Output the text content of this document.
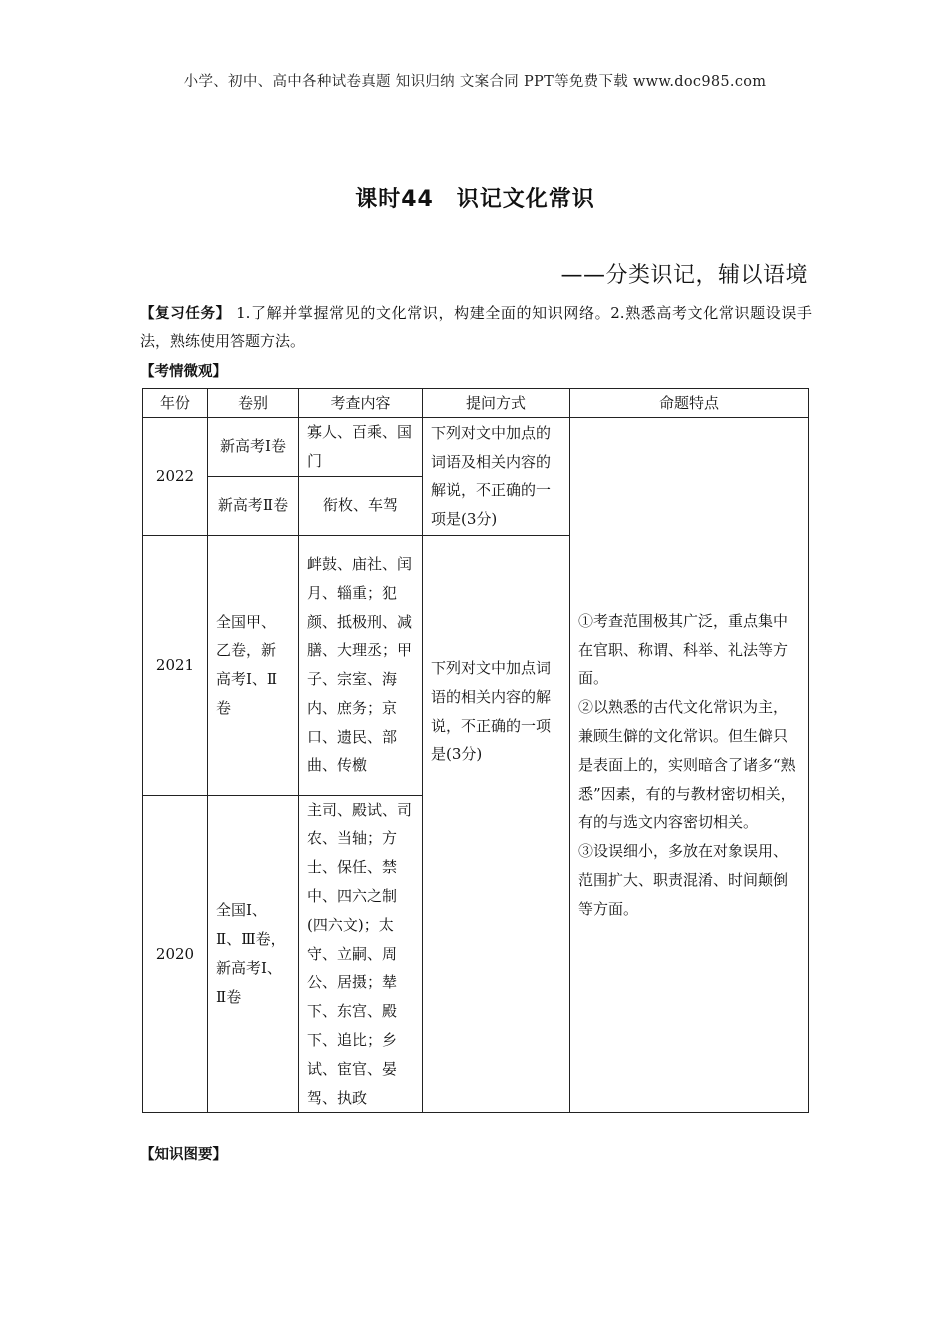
小学、初中、高中各种试卷真题 知识归纳 文案合同 PPT等免费下载 www.doc985.com
课时44　识记文化常识
——分类识记，辅以语境
【复习任务】 1.了解并掌握常见的文化常识，构建全面的知识网络。2.熟悉高考文化常识题设误手法，熟练使用答题方法。
【考情微观】
年份	卷别	考查内容	提问方式	命题特点
2022	新高考Ⅰ卷	寡人、百乘、国门	下列对文中加点的词语及相关内容的解说，不正确的一项是(3分)	①考查范围极其广泛，重点集中在官职、称谓、科举、礼法等方面。
②以熟悉的古代文化常识为主，兼顾生僻的文化常识。但生僻只是表面上的，实则暗含了诸多“熟悉”因素，有的与教材密切相关，有的与选文内容密切相关。
③设误细小，多放在对象误用、范围扩大、职责混淆、时间颠倒等方面。

	新高考Ⅱ卷	衔枚、车驾		
2021	全国甲、乙卷，新高考Ⅰ、Ⅱ卷	衅鼓、庙社、闰月、辎重；犯颜、抵极刑、减膳、大理丞；甲子、宗室、海内、庶务；京口、遗民、部曲、传檄	下列对文中加点词语的相关内容的解说，不正确的一项是(3分)	

2020	全国Ⅰ、Ⅱ、Ⅲ卷，新高考Ⅰ、Ⅱ卷	主司、殿试、司农、当轴；方士、保任、禁中、四六之制(四六文)；太守、立嗣、周公、居摄；辇下、东宫、殿下、追比；乡试、宦官、晏驾、执政		
【知识图要】
